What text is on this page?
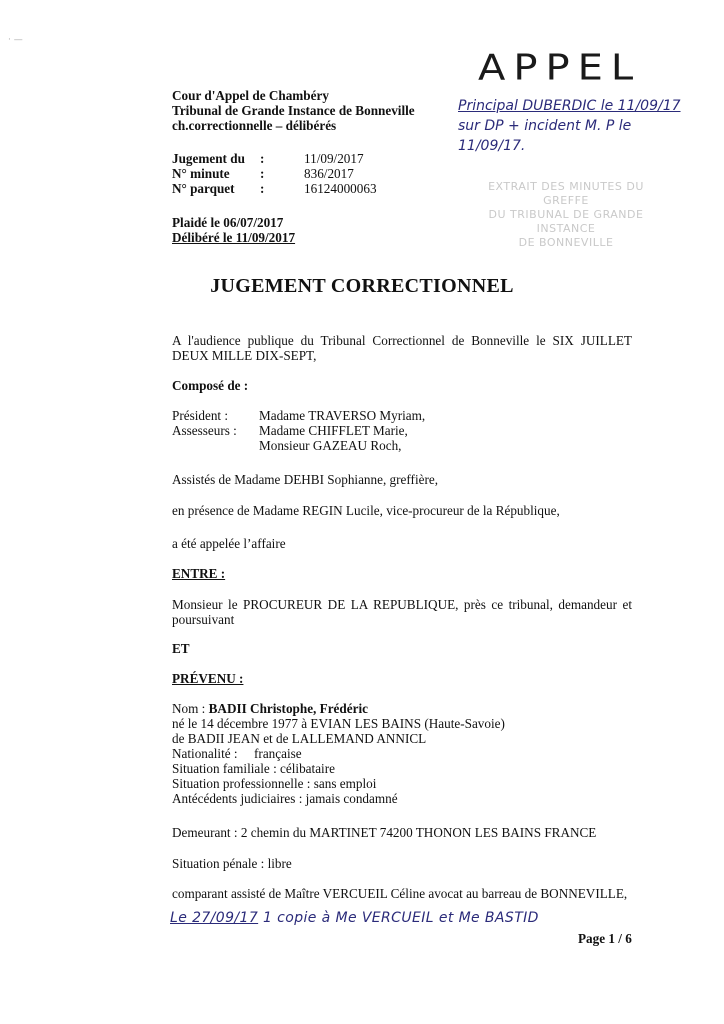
· —
Cour d'Appel de Chambéry
Tribunal de Grande Instance de Bonneville
ch.correctionnelle – délibérés
Jugement du	:	11/09/2017
N° minute	:	836/2017
N° parquet	:	16124000063
Plaidé le 06/07/2017
Délibéré le 11/09/2017
APPEL
Principal DUBERDIC le 11/09/17
sur DP + incident M. P le
11/09/17.
EXTRAIT DES MINUTES DU GREFFE
DU TRIBUNAL DE GRANDE INSTANCE
DE BONNEVILLE
JUGEMENT CORRECTIONNEL
A l'audience publique du Tribunal Correctionnel de Bonneville le SIX JUILLET DEUX MILLE DIX-SEPT,
Composé de :
Président :	Madame TRAVERSO Myriam,
Assesseurs :	Madame CHIFFLET Marie,
Monsieur GAZEAU Roch,
Assistés de Madame DEHBI Sophianne, greffière,
en présence de Madame REGIN Lucile, vice-procureur de la République,
a été appelée l’affaire
ENTRE :
Monsieur le PROCUREUR DE LA REPUBLIQUE, près ce tribunal, demandeur et poursuivant
ET
PRÉVENU :
Nom : BADII Christophe, Frédéric
né le 14 décembre 1977 à EVIAN LES BAINS (Haute-Savoie)
de BADII JEAN et de LALLEMAND ANNICL
Nationalité :     française
Situation familiale : célibataire
Situation professionnelle : sans emploi
Antécédents judiciaires : jamais condamné
Demeurant : 2 chemin du MARTINET 74200 THONON LES BAINS FRANCE
Situation pénale : libre
comparant assisté de Maître VERCUEIL Céline avocat au barreau de BONNEVILLE,
Le 27/09/17 1 copie à Me VERCUEIL et Me BASTID
Page 1 / 6
